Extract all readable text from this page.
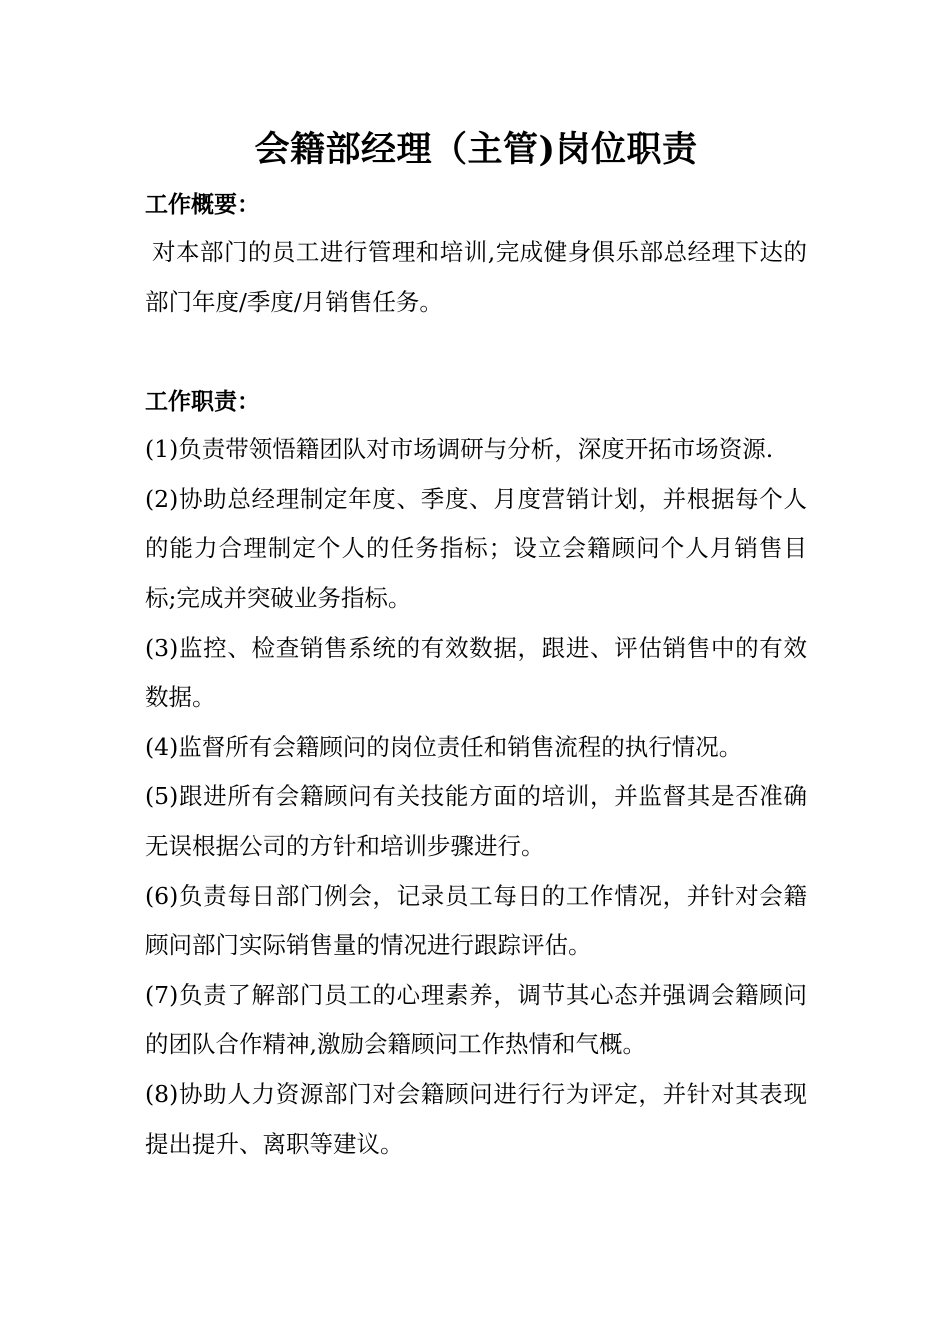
会籍部经理（主管)岗位职责
工作概要：

对本部门的员工进行管理和培训,完成健身俱乐部总经理下达的部门年度/季度/月销售任务。

工作职责：
(1)负责带领悟籍团队对市场调研与分析，深度开拓市场资源.
(2)协助总经理制定年度、季度、月度营销计划，并根据每个人的能力合理制定个人的任务指标；设立会籍顾问个人月销售目标;完成并突破业务指标。
(3)监控、检查销售系统的有效数据，跟进、评估销售中的有效数据。
(4)监督所有会籍顾问的岗位责任和销售流程的执行情况。
(5)跟进所有会籍顾问有关技能方面的培训，并监督其是否准确无误根据公司的方针和培训步骤进行。
(6)负责每日部门例会，记录员工每日的工作情况，并针对会籍顾问部门实际销售量的情况进行跟踪评估。
(7)负责了解部门员工的心理素养，调节其心态并强调会籍顾问的团队合作精神,激励会籍顾问工作热情和气概。
(8)协助人力资源部门对会籍顾问进行行为评定，并针对其表现提出提升、离职等建议。
